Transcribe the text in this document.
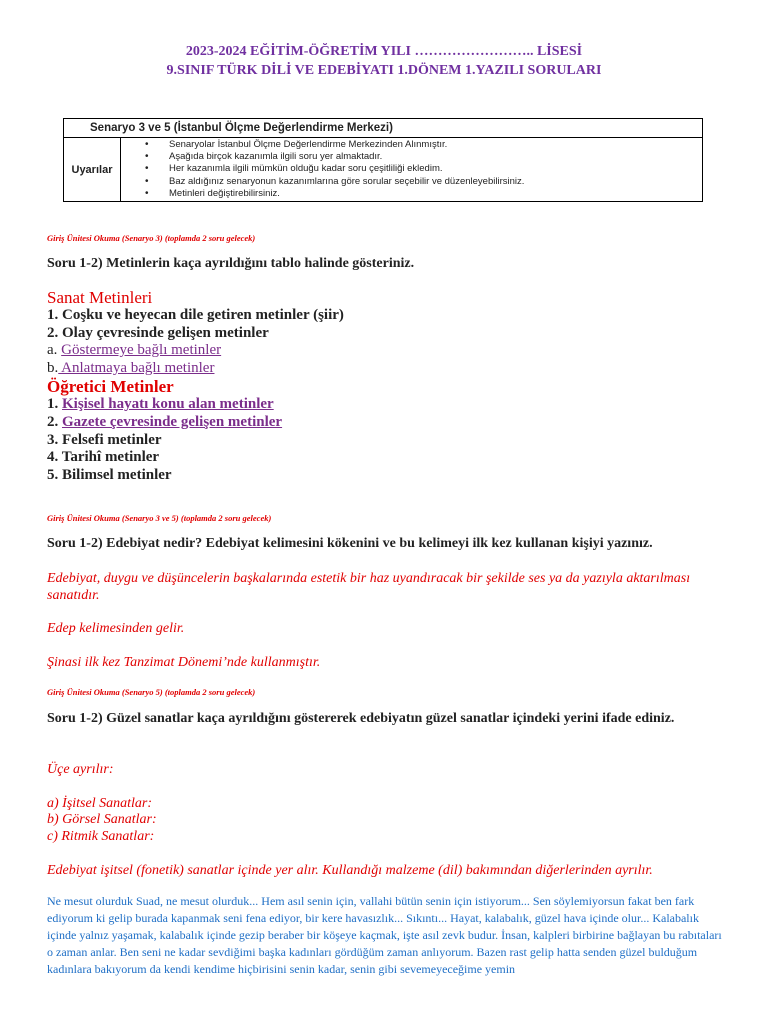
2023-2024 EĞİTİM-ÖĞRETİM YILI …………………….. LİSESİ
9.SINIF TÜRK DİLİ VE EDEBİYATI 1.DÖNEM 1.YAZILI SORULARI
Senaryo 3 ve 5 (İstanbul Ölçme Değerlendirme Merkezi)
Uyarılar	
• Senaryolar İstanbul Ölçme Değerlendirme Merkezinden Alınmıştır.
• Aşağıda birçok kazanımla ilgili soru yer almaktadır.
• Her kazanımla ilgili mümkün olduğu kadar soru çeşitliliği ekledim.
• Baz aldığınız senaryonun kazanımlarına göre sorular seçebilir ve düzenleyebilirsiniz.
• Metinleri değiştirebilirsiniz.
Giriş Ünitesi Okuma (Senaryo 3) (toplamda 2 soru gelecek)
Soru 1-2) Metinlerin kaça ayrıldığını tablo halinde gösteriniz.
Sanat Metinleri
1. Coşku ve heyecan dile getiren metinler (şiir)
2. Olay çevresinde gelişen metinler
a. Göstermeye bağlı metinler
b. Anlatmaya bağlı metinler
Öğretici Metinler
1. Kişisel hayatı konu alan metinler
2. Gazete çevresinde gelişen metinler
3. Felsefi metinler
4. Tarihî metinler
5. Bilimsel metinler
Giriş Ünitesi Okuma (Senaryo 3 ve 5) (toplamda 2 soru gelecek)
Soru 1-2) Edebiyat nedir? Edebiyat kelimesini kökenini ve bu kelimeyi ilk kez kullanan kişiyi yazınız.
Edebiyat, duygu ve düşüncelerin başkalarında estetik bir haz uyandıracak bir şekilde ses ya da yazıyla aktarılması sanatıdır.
Edep kelimesinden gelir.
Şinasi ilk kez Tanzimat Dönemi’nde kullanmıştır.
Giriş Ünitesi Okuma (Senaryo 5) (toplamda 2 soru gelecek)
Soru 1-2) Güzel sanatlar kaça ayrıldığını göstererek edebiyatın güzel sanatlar içindeki yerini ifade ediniz.
Üçe ayrılır:
a) İşitsel Sanatlar:
b) Görsel Sanatlar:
c) Ritmik Sanatlar:
Edebiyat işitsel (fonetik) sanatlar içinde yer alır. Kullandığı malzeme (dil) bakımından diğerlerinden ayrılır.
Ne mesut olurduk Suad, ne mesut olurduk... Hem asıl senin için, vallahi bütün senin için istiyorum... Sen söylemiyorsun fakat ben fark ediyorum ki gelip burada kapanmak seni fena ediyor, bir kere havasızlık... Sıkıntı... Hayat, kalabalık, güzel hava içinde olur... Kalabalık içinde yalnız yaşamak, kalabalık içinde gezip beraber bir köşeye kaçmak, işte asıl zevk budur. İnsan, kalpleri birbirine bağlayan bu rabıtaları o zaman anlar. Ben seni ne kadar sevdiğimi başka kadınları gördüğüm zaman anlıyorum. Bazen rast gelip hatta senden güzel bulduğum kadınlara bakıyorum da kendi kendime hiçbirisini senin kadar, senin gibi sevemeyeceğime yemin
